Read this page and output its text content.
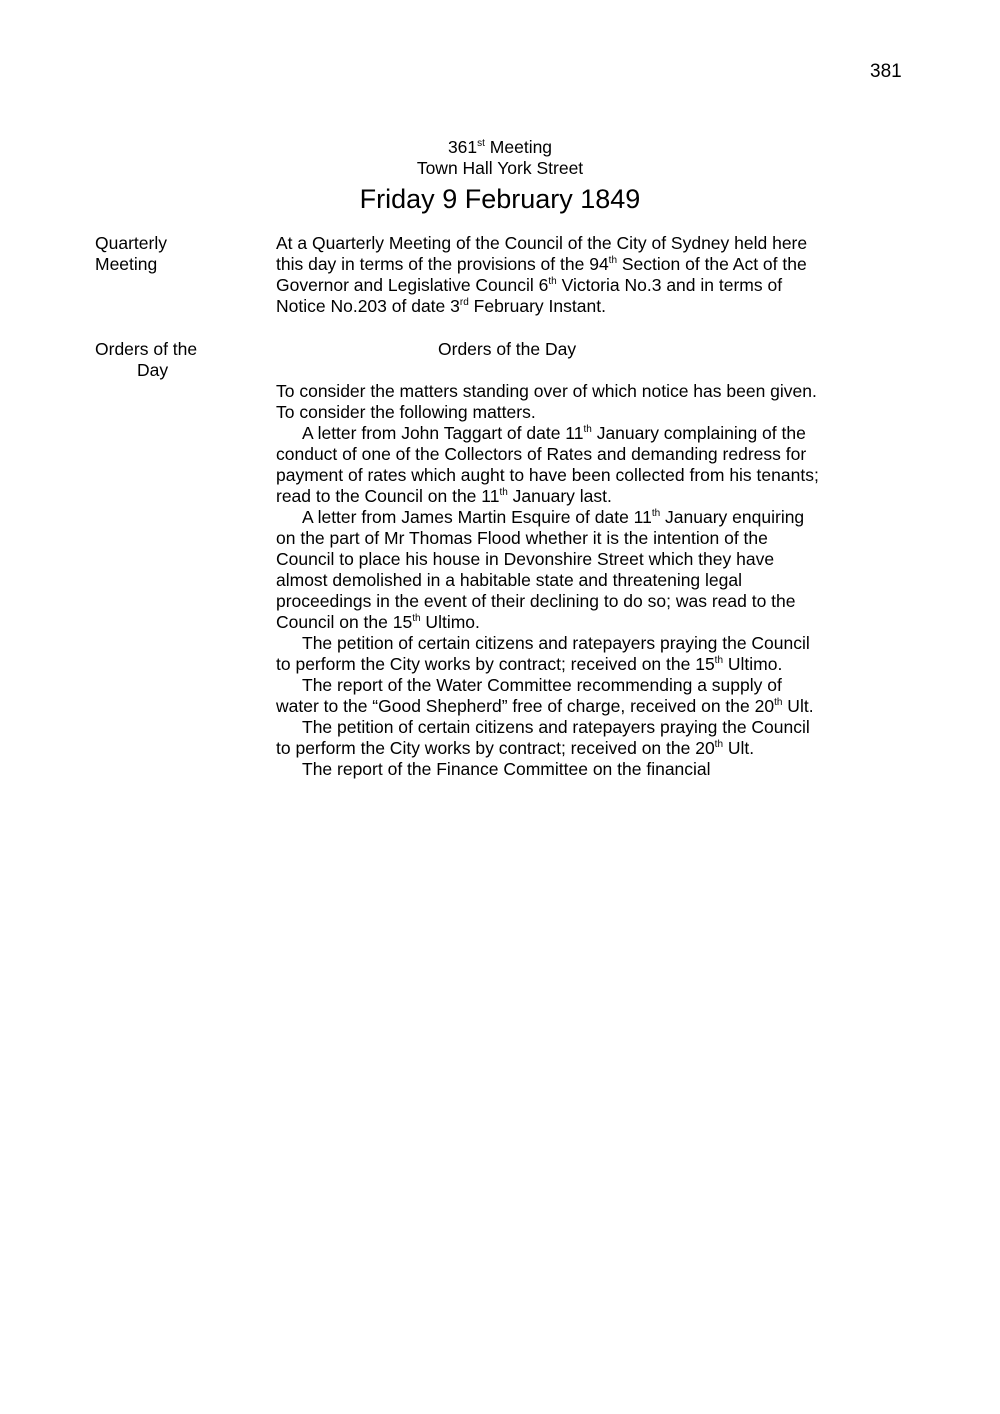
381
361st Meeting
Town Hall York Street
Friday 9 February 1849
Quarterly
Meeting
Orders of the
Day
At a Quarterly Meeting of the Council of the City of Sydney held here
this day in terms of the provisions of the 94th Section of the Act of the
Governor and Legislative Council 6th Victoria No.3 and in terms of
Notice No.203 of date 3rd February Instant.
Orders of the Day
To consider the matters standing over of which notice has been given.
To consider the following matters.
A letter from John Taggart of date 11th January complaining of the
conduct of one of the Collectors of Rates and demanding redress for
payment of rates which aught to have been collected from his tenants;
read to the Council on the 11th January last.
A letter from James Martin Esquire of date 11th January enquiring
on the part of Mr Thomas Flood whether it is the intention of the
Council to place his house in Devonshire Street which they have
almost demolished in a habitable state and threatening legal
proceedings in the event of their declining to do so; was read to the
Council on the 15th Ultimo.
The petition of certain citizens and ratepayers praying the Council
to perform the City works by contract; received on the 15th Ultimo.
The report of the Water Committee recommending a supply of
water to the “Good Shepherd” free of charge, received on the 20th Ult.
The petition of certain citizens and ratepayers praying the Council
to perform the City works by contract; received on the 20th Ult.
The report of the Finance Committee on the financial
